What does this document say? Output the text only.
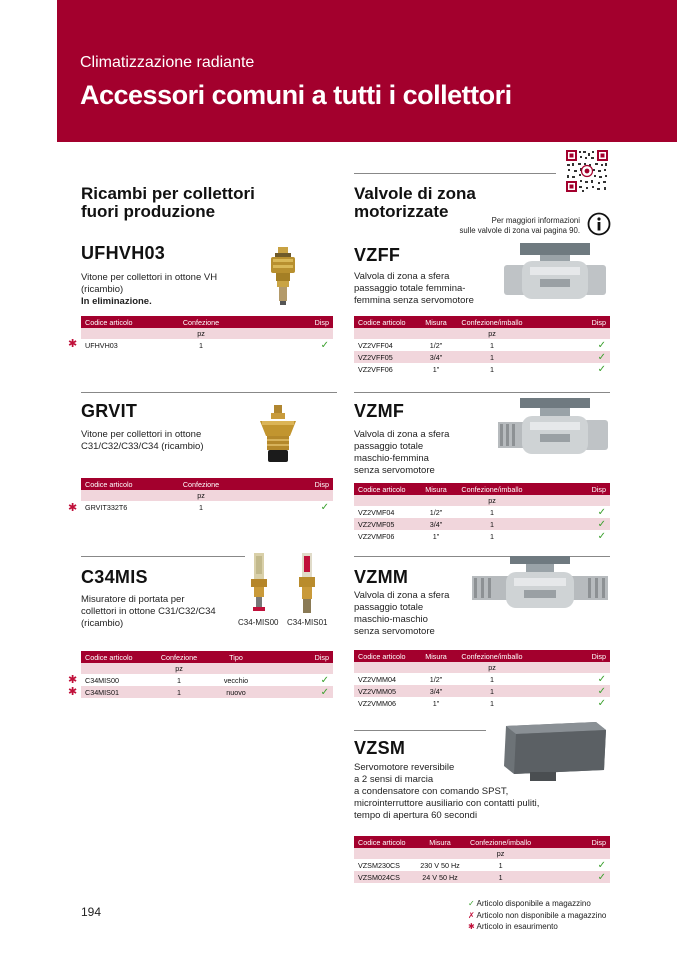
Climatizzazione radiante
Accessori comuni a tutti i collettori
Ricambi per collettori
fuori produzione
Valvole di zona
motorizzate	Per maggiori informazioni
sulle valvole di zona vai pagina 90.
UFHVH03
Vitone per collettori in ottone VH
(ricambio)
In eliminazione.
Codice articolo	Confezione	Disp
	pz	
UFHVH03	1	✓
✱
GRVIT
Vitone per collettori in ottone
C31/C32/C33/C34 (ricambio)
Codice articolo	Confezione	Disp
	pz	
GRVIT332T6	1	✓
✱
C34MIS
Misuratore di portata per
collettori in ottone C31/C32/C34
(ricambio)	C34-MIS00 C34-MIS01
Codice articolo	Confezione	Tipo	Disp
	pz		
C34MIS00	1	vecchio	✓
C34MIS01	1	nuovo	✓
✱
✱
VZFF
Valvola di zona a sfera
passaggio totale femmina-
femmina senza servomotore
Codice articolo	Misura	Confezione/imballo	Disp
		pz	
VZ2VFF04	1/2"	1	✓
VZ2VFF05	3/4"	1	✓
VZ2VFF06	1"	1	✓
VZMF
Valvola di zona a sfera
passaggio totale
maschio-femmina
senza servomotore
Codice articolo	Misura	Confezione/imballo	Disp
		pz	
VZ2VMF04	1/2"	1	✓
VZ2VMF05	3/4"	1	✓
VZ2VMF06	1"	1	✓
VZMM
Valvola di zona a sfera
passaggio totale
maschio-maschio
senza servomotore
Codice articolo	Misura	Confezione/imballo	Disp
		pz	
VZ2VMM04	1/2"	1	✓
VZ2VMM05	3/4"	1	✓
VZ2VMM06	1"	1	✓
VZSM
Servomotore reversibile
a 2 sensi di marcia
a condensatore con comando SPST,
microinterruttore ausiliario con contatti puliti,
tempo di apertura 60 secondi
Codice articolo	Misura	Confezione/imballo	Disp
		pz	
VZSM230CS	230 V 50 Hz	1	✓
VZSM024CS	24 V 50 Hz	1	✓
194
✓ Articolo disponibile a magazzino
✗ Articolo non disponibile a magazzino
✱ Articolo in esaurimento
